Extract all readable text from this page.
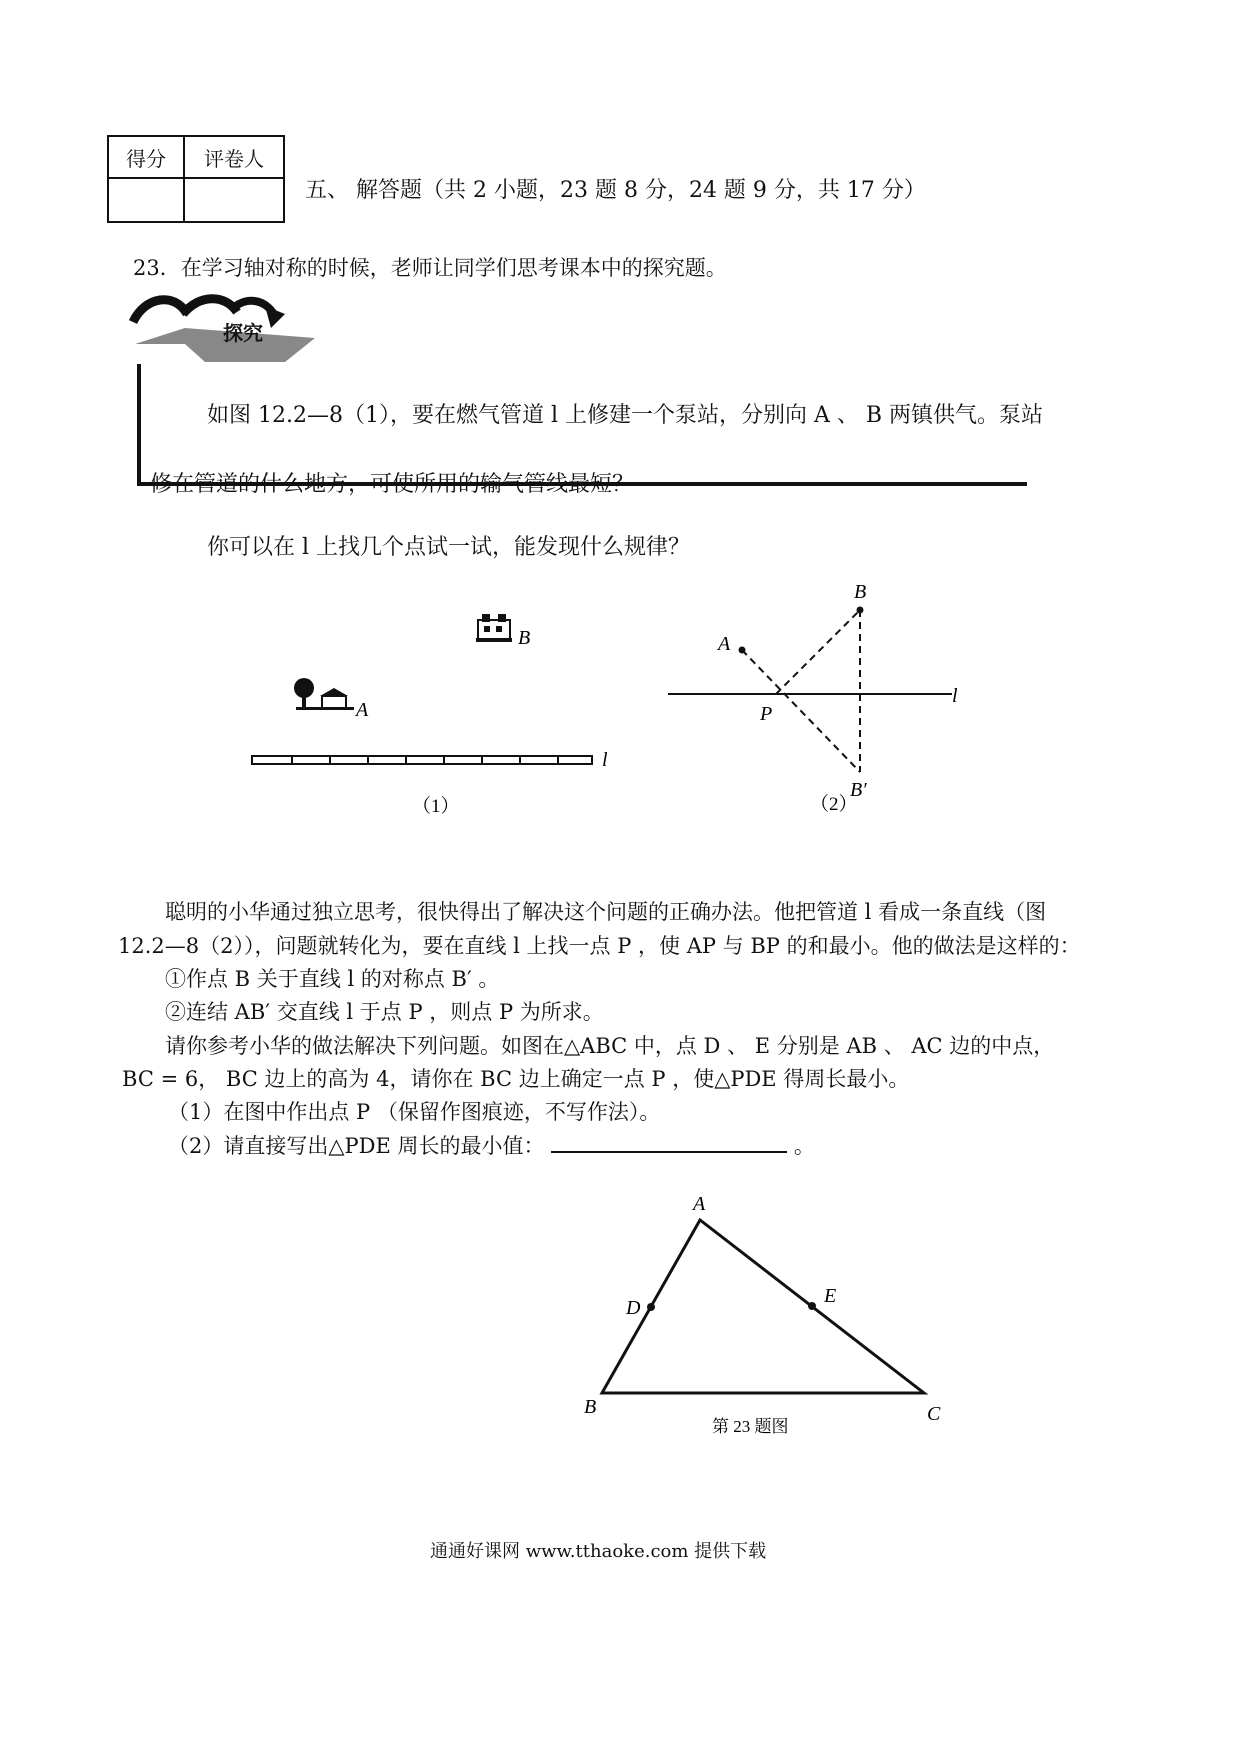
得分	评卷人

五、 解答题（共 2 小题，23 题 8 分，24 题 9 分，共 17 分）
23．在学习轴对称的时候，老师让同学们思考课本中的探究题。
探究
如图 12.2—8（1），要在燃气管道 l 上修建一个泵站，分别向 A 、 B 两镇供气。泵站
修在管道的什么地方，可使所用的输气管线最短？
你可以在 l 上找几个点试一试，能发现什么规律？
B
A
l
（1）
A
B
P
B′
l
（2）
聪明的小华通过独立思考，很快得出了解决这个问题的正确办法。他把管道 l 看成一条直线（图
12.2—8（2）），问题就转化为，要在直线 l 上找一点 P ，使 AP 与 BP 的和最小。他的做法是这样的：
①作点 B 关于直线 l 的对称点 B′ 。
②连结 AB′ 交直线 l 于点 P ，则点 P 为所求。
请你参考小华的做法解决下列问题。如图在△ABC 中，点 D 、 E 分别是 AB 、 AC 边的中点，
BC = 6， BC 边上的高为 4，请你在 BC 边上确定一点 P ，使△PDE 得周长最小。
（1）在图中作出点 P （保留作图痕迹，不写作法）。
（2）请直接写出△PDE 周长的最小值：	。
A
B	C
D
E
第 23 题图
通通好课网 www.tthaoke.com 提供下载
